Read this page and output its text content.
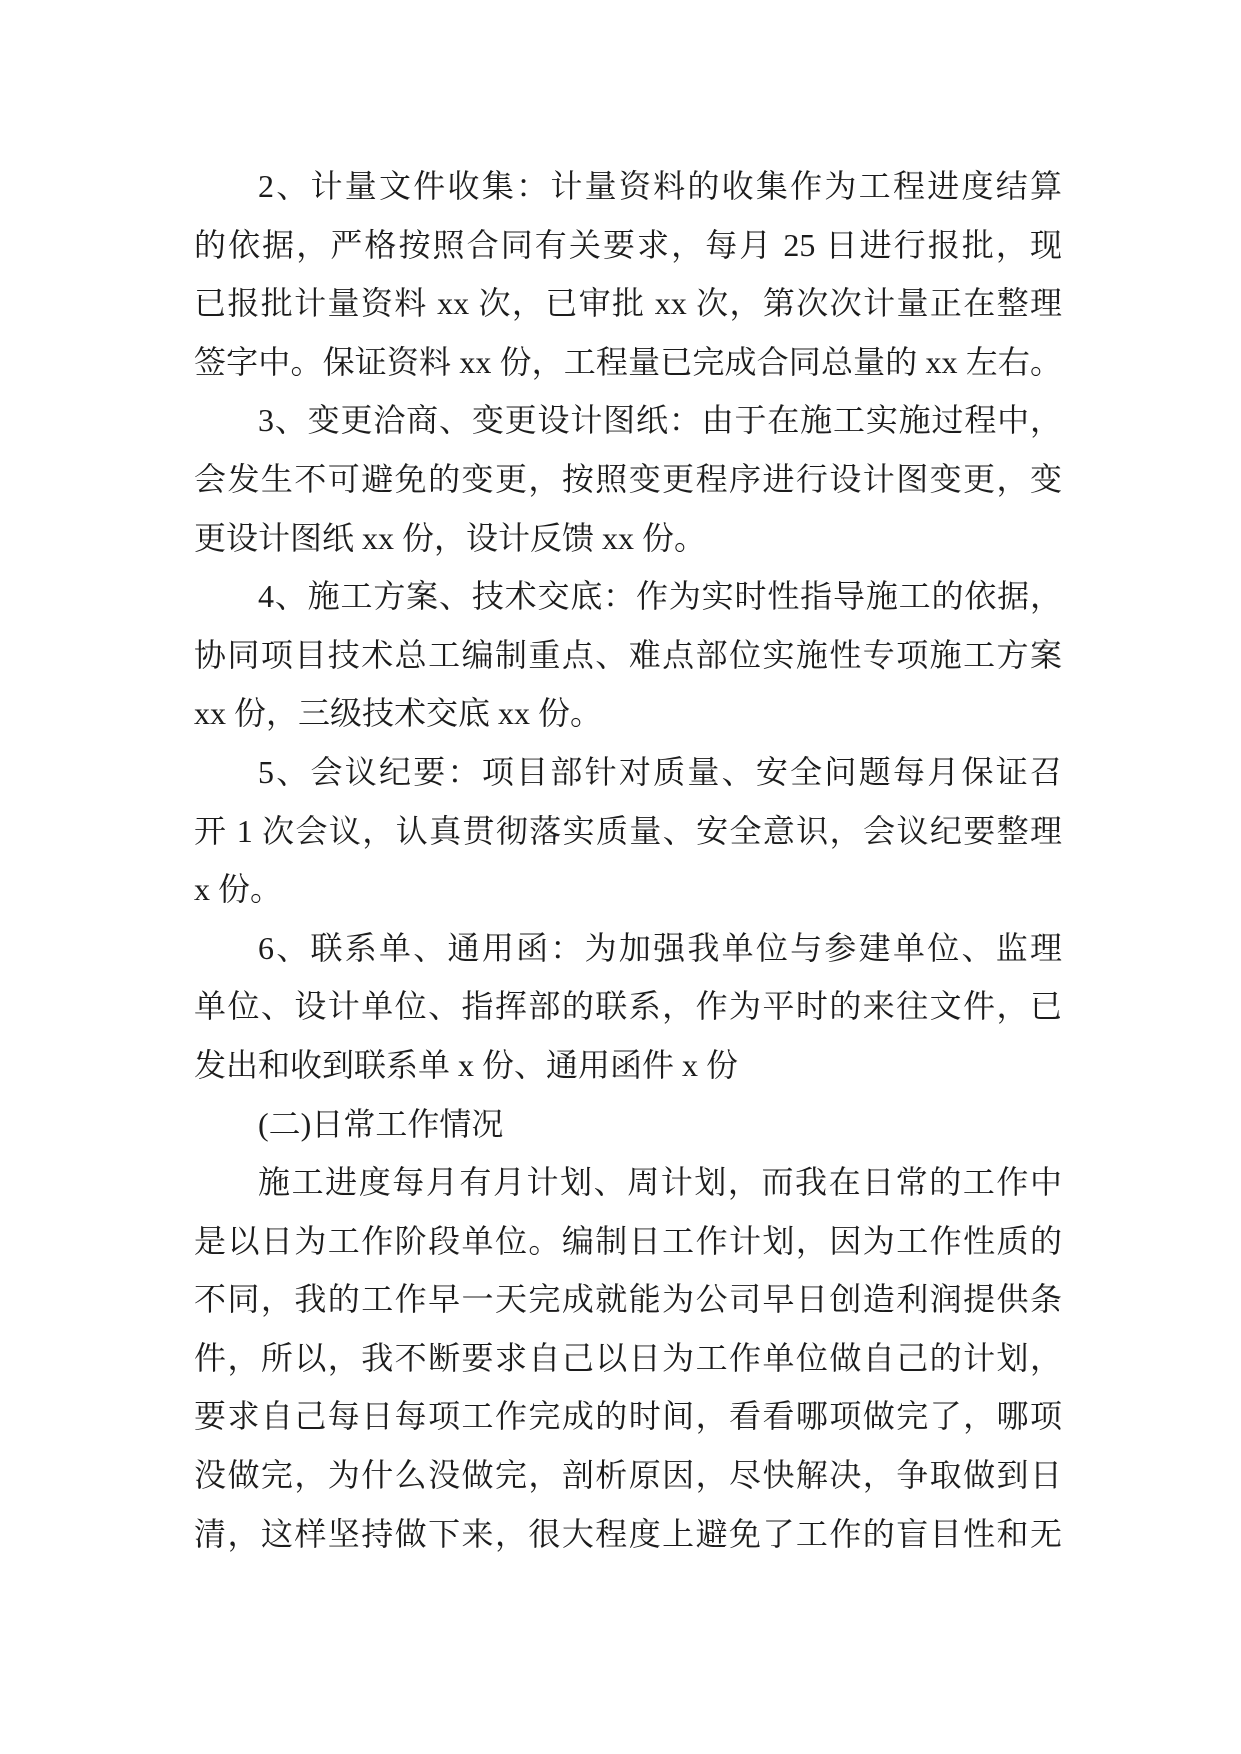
2、计量文件收集：计量资料的收集作为工程进度结算
的依据，严格按照合同有关要求，每月 25 日进行报批，现
已报批计量资料 xx 次，已审批 xx 次，第次次计量正在整理
签字中。保证资料 xx 份，工程量已完成合同总量的 xx 左右。
3、变更洽商、变更设计图纸：由于在施工实施过程中，
会发生不可避免的变更，按照变更程序进行设计图变更，变
更设计图纸 xx 份，设计反馈 xx 份。
4、施工方案、技术交底：作为实时性指导施工的依据，
协同项目技术总工编制重点、难点部位实施性专项施工方案
xx 份，三级技术交底 xx 份。
5、会议纪要：项目部针对质量、安全问题每月保证召
开 1 次会议，认真贯彻落实质量、安全意识，会议纪要整理
x 份。
6、联系单、通用函：为加强我单位与参建单位、监理
单位、设计单位、指挥部的联系，作为平时的来往文件，已
发出和收到联系单 x 份、通用函件 x 份
(二)日常工作情况
施工进度每月有月计划、周计划，而我在日常的工作中
是以日为工作阶段单位。编制日工作计划，因为工作性质的
不同，我的工作早一天完成就能为公司早日创造利润提供条
件，所以，我不断要求自己以日为工作单位做自己的计划，
要求自己每日每项工作完成的时间，看看哪项做完了，哪项
没做完，为什么没做完，剖析原因，尽快解决，争取做到日
清，这样坚持做下来，很大程度上避免了工作的盲目性和无
